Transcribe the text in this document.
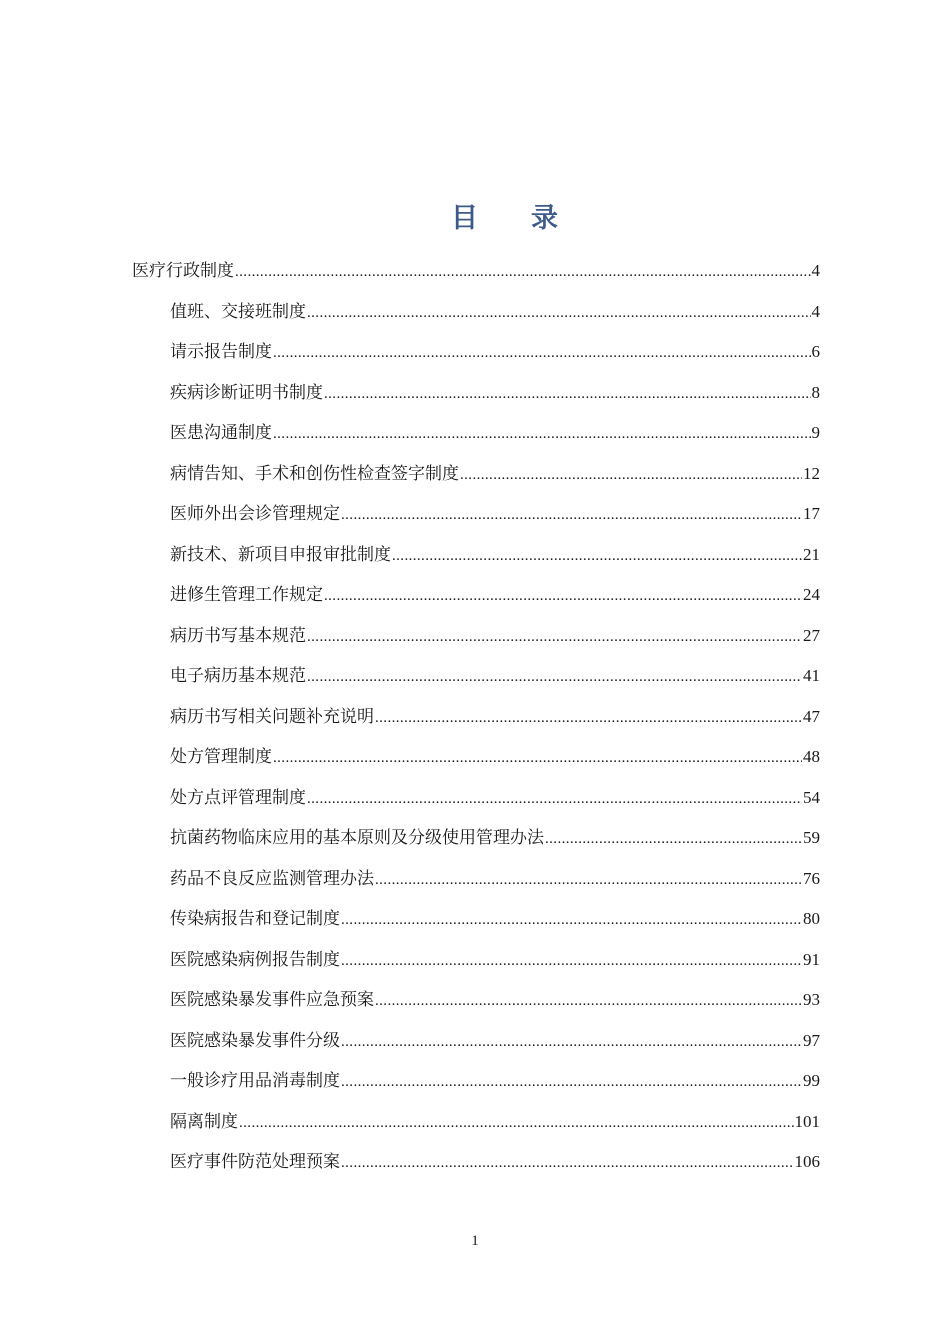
目 录
医疗行政制度 .....	4
值班、交接班制度 .....	4
请示报告制度 .....	6
疾病诊断证明书制度 .....	8
医患沟通制度 .....	9
病情告知、手术和创伤性检查签字制度 .....	12
医师外出会诊管理规定 .....	17
新技术、新项目申报审批制度 .....	21
进修生管理工作规定 .....	24
病历书写基本规范 .....	27
电子病历基本规范 .....	41
病历书写相关问题补充说明 .....	47
处方管理制度 .....	48
处方点评管理制度 .....	54
抗菌药物临床应用的基本原则及分级使用管理办法 .....	59
药品不良反应监测管理办法 .....	76
传染病报告和登记制度 .....	80
医院感染病例报告制度 .....	91
医院感染暴发事件应急预案 .....	93
医院感染暴发事件分级 .....	97
一般诊疗用品消毒制度 .....	99
隔离制度 .....	101
医疗事件防范处理预案 .....	106
1
